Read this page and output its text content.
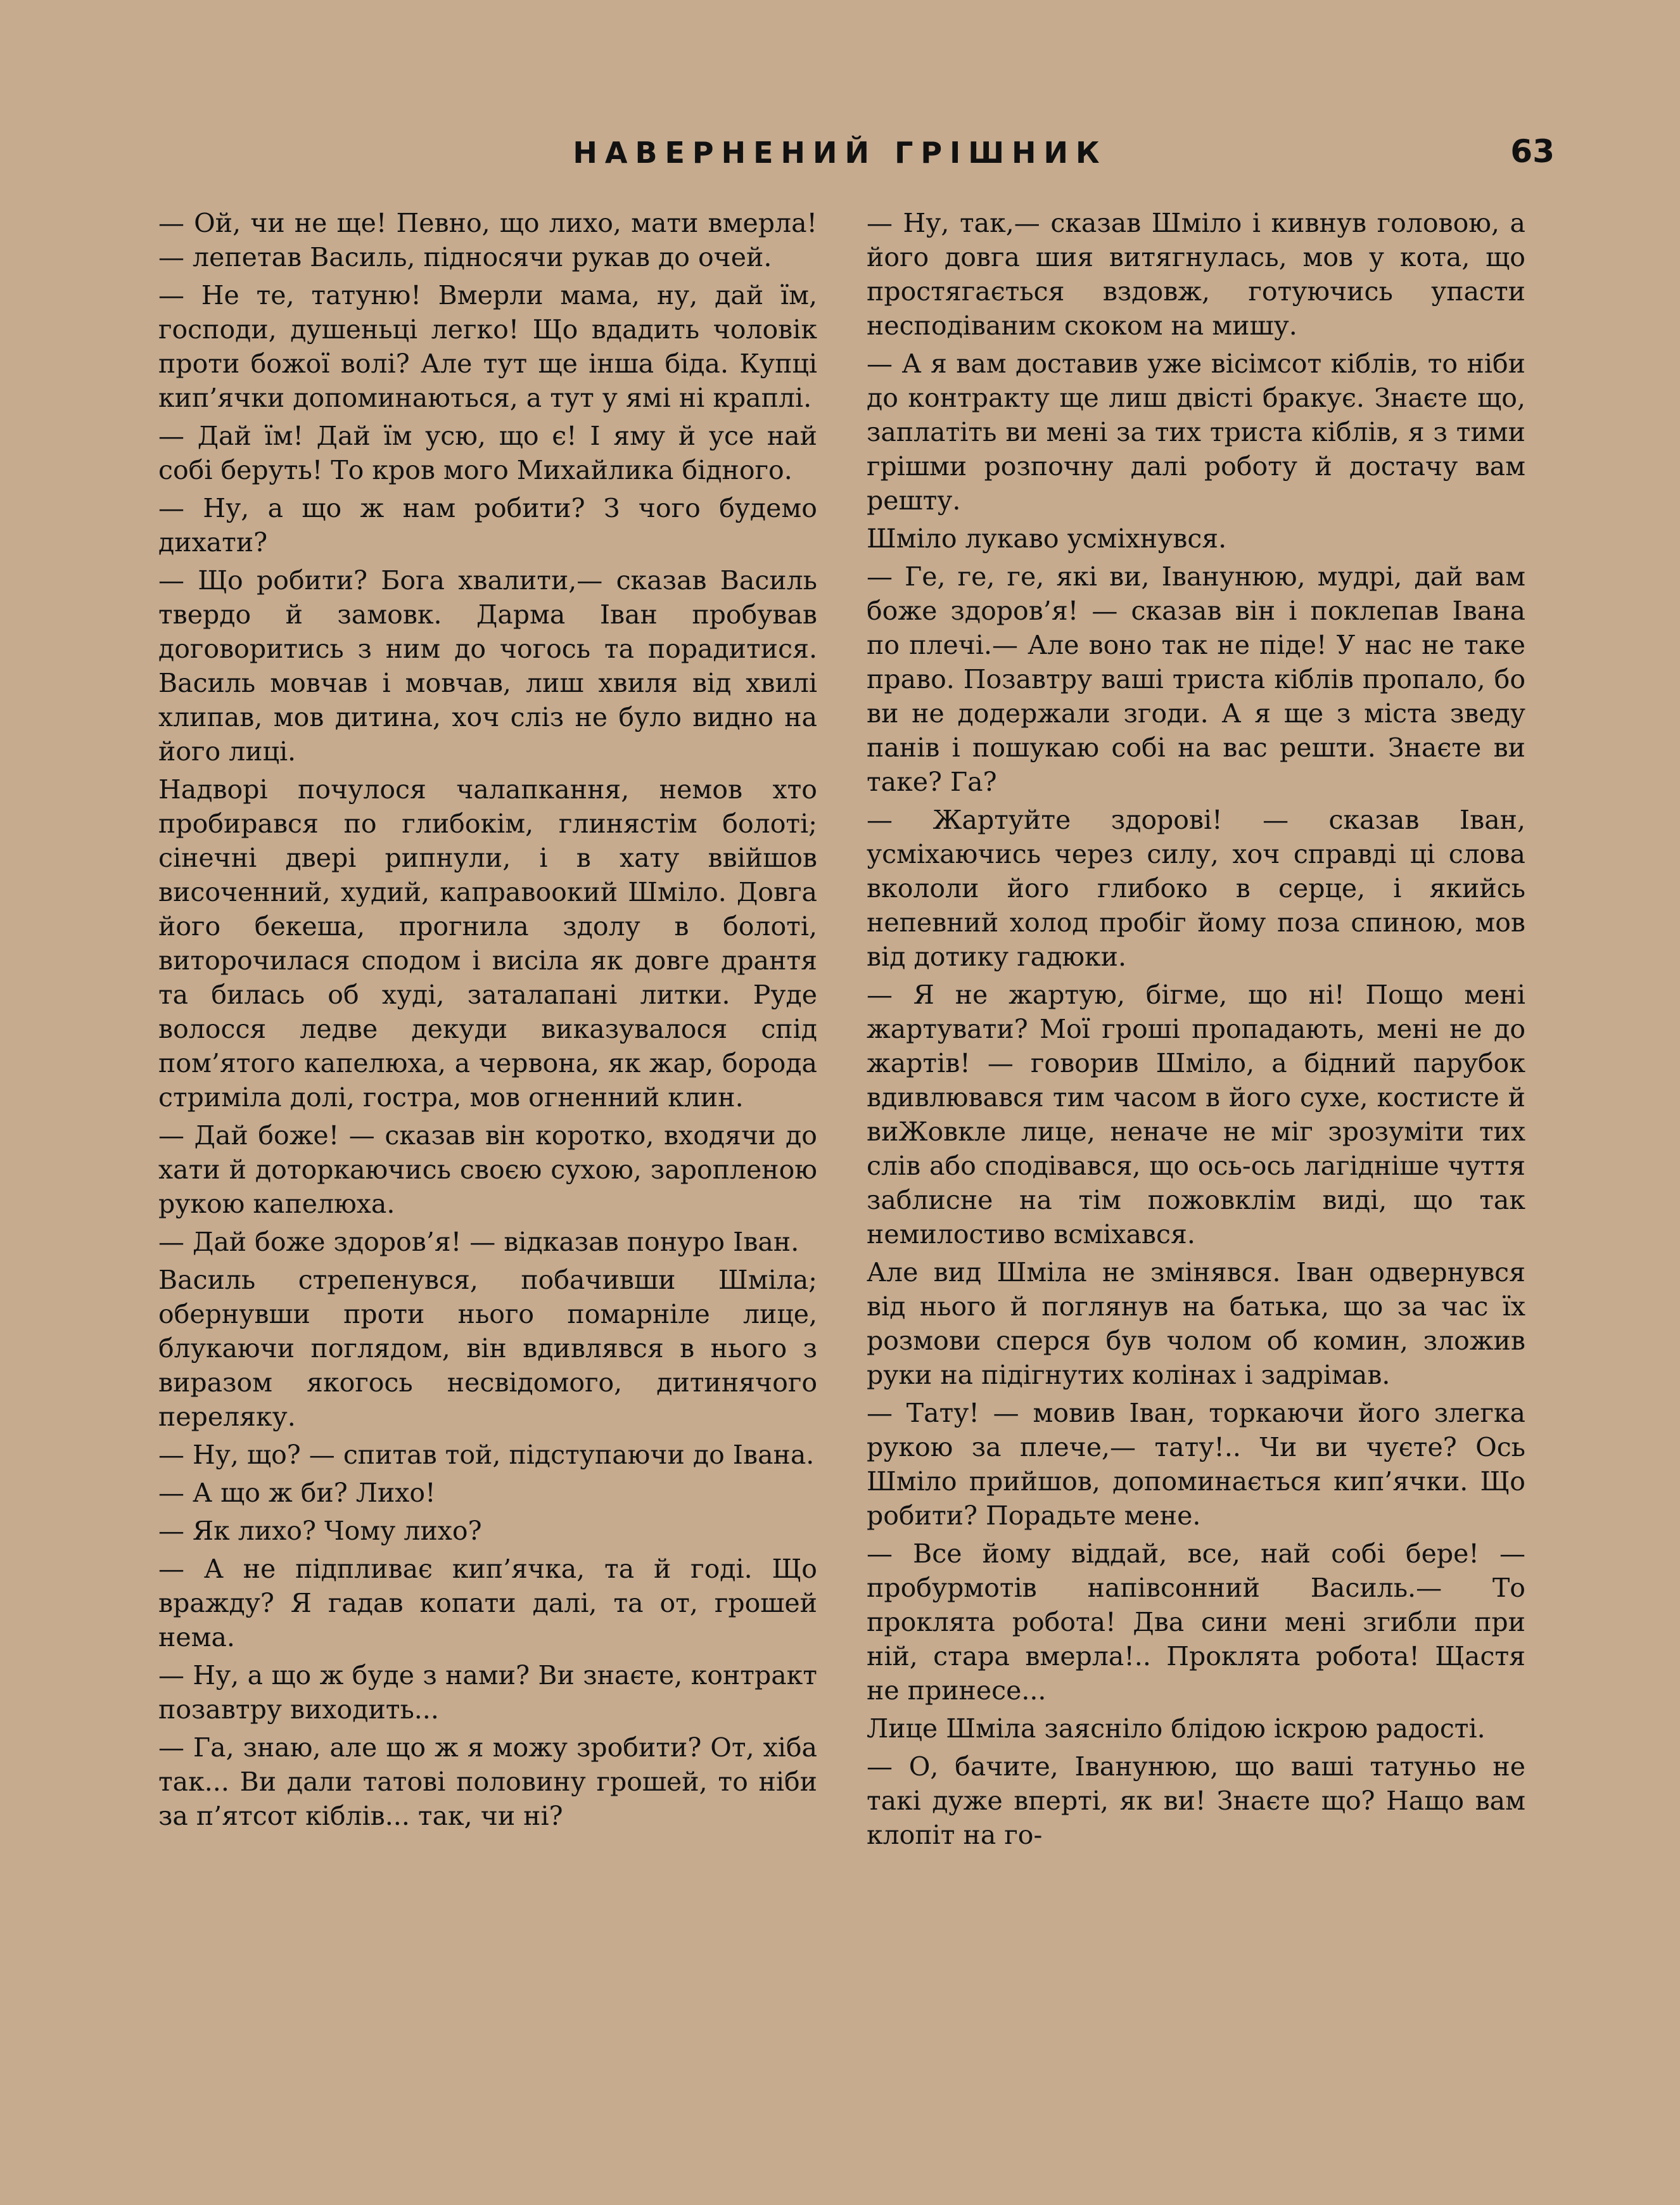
НАВЕРНЕНИЙ ГРІШНИК	63

— Ой, чи не ще! Певно, що лихо, мати вмерла! — лепетав Василь, підносячи рукав до очей.

— Не те, татуню! Вмерли мама, ну, дай їм, господи, душеньці легко! Що вдадить чоловік проти божої волі? Але тут ще інша біда. Купці кип’ячки допоминаються, а тут у ямі ні краплі.

— Дай їм! Дай їм усю, що є! І яму й усе най собі беруть! То кров мого Михайлика бідного.

— Ну, а що ж нам робити? З чого будемо дихати?

— Що робити? Бога хвалити,— сказав Василь твердо й замовк. Дарма Іван пробував договоритись з ним до чогось та порадитися. Василь мовчав і мовчав, лиш хвиля від хвилі хлипав, мов дитина, хоч сліз не було видно на його лиці.

Надворі почулося чалапкання, немов хто пробирався по глибокім, глинястім болоті; сінечні двері рипнули, і в хату ввійшов височенний, худий, каправоокий Шміло. Довга його бекеша, прогнила здолу в болоті, виторочилася сподом і висіла як довге дрантя та билась об худі, заталапані литки. Руде волосся ледве декуди виказувалося спід пом’ятого капелюха, а червона, як жар, борода стриміла долі, гостра, мов огненний клин.

— Дай боже! — сказав він коротко, входячи до хати й доторкаючись своєю сухою, заропленою рукою капелюха.

— Дай боже здоров’я! — відказав понуро Іван.

Василь стрепенувся, побачивши Шміла; обернувши проти нього помарніле лице, блукаючи поглядом, він вдивлявся в нього з виразом якогось несвідомого, дитинячого переляку.

— Ну, що? — спитав той, підступаючи до Івана.

— А що ж би? Лихо!

— Як лихо? Чому лихо?

— А не підпливає кип’ячка, та й годі. Що вражду? Я гадав копати далі, та от, грошей нема.

— Ну, а що ж буде з нами? Ви знаєте, контракт позавтру виходить...

— Га, знаю, але що ж я можу зробити? От, хіба так... Ви дали татові половину грошей, то ніби за п’ятсот кіблів... так, чи ні?

— Ну, так,— сказав Шміло і кивнув головою, а його довга шия витягнулась, мов у кота, що простягається вздовж, готуючись упасти несподіваним скоком на мишу.

— А я вам доставив уже вісімсот кіблів, то ніби до контракту ще лиш двісті бракує. Знаєте що, заплатіть ви мені за тих триста кіблів, я з тими грішми розпочну далі роботу й достачу вам решту.

Шміло лукаво усміхнувся.

— Ге, ге, ге, які ви, Іванунюю, мудрі, дай вам боже здоров’я! — сказав він і поклепав Івана по плечі.— Але воно так не піде! У нас не таке право. Позавтру ваші триста кіблів пропало, бо ви не додержали згоди. А я ще з міста зведу панів і пошукаю собі на вас решти. Знаєте ви таке? Га?

— Жартуйте здорові! — сказав Іван, усміхаючись через силу, хоч справді ці слова вкололи його глибоко в серце, і якийсь непевний холод пробіг йому поза спиною, мов від дотику гадюки.

— Я не жартую, бігме, що ні! Пощо мені жартувати? Мої гроші пропадають, мені не до жартів! — говорив Шміло, а бідний парубок вдивлювався тим часом в його сухе, костисте й виЖовкле лице, неначе не міг зрозуміти тих слів або сподівався, що ось-ось лагідніше чуття заблисне на тім пожовклім виді, що так немилостиво всміхався.

Але вид Шміла не змінявся. Іван одвернувся від нього й поглянув на батька, що за час їх розмови сперся був чолом об комин, зложив руки на підігнутих колінах і задрімав.

— Тату! — мовив Іван, торкаючи його злегка рукою за плече,— тату!.. Чи ви чуєте? Ось Шміло прийшов, допоминається кип’ячки. Що робити? Порадьте мене.

— Все йому віддай, все, най собі бере! — пробурмотів напівсонний Василь.— То проклята робота! Два сини мені згибли при ній, стара вмерла!.. Проклята робота! Щастя не принесе...

Лице Шміла заясніло блідою іскрою радості.

— О, бачите, Іванунюю, що ваші татуньо не такі дуже вперті, як ви! Знаєте що? Нащо вам клопіт на го-
